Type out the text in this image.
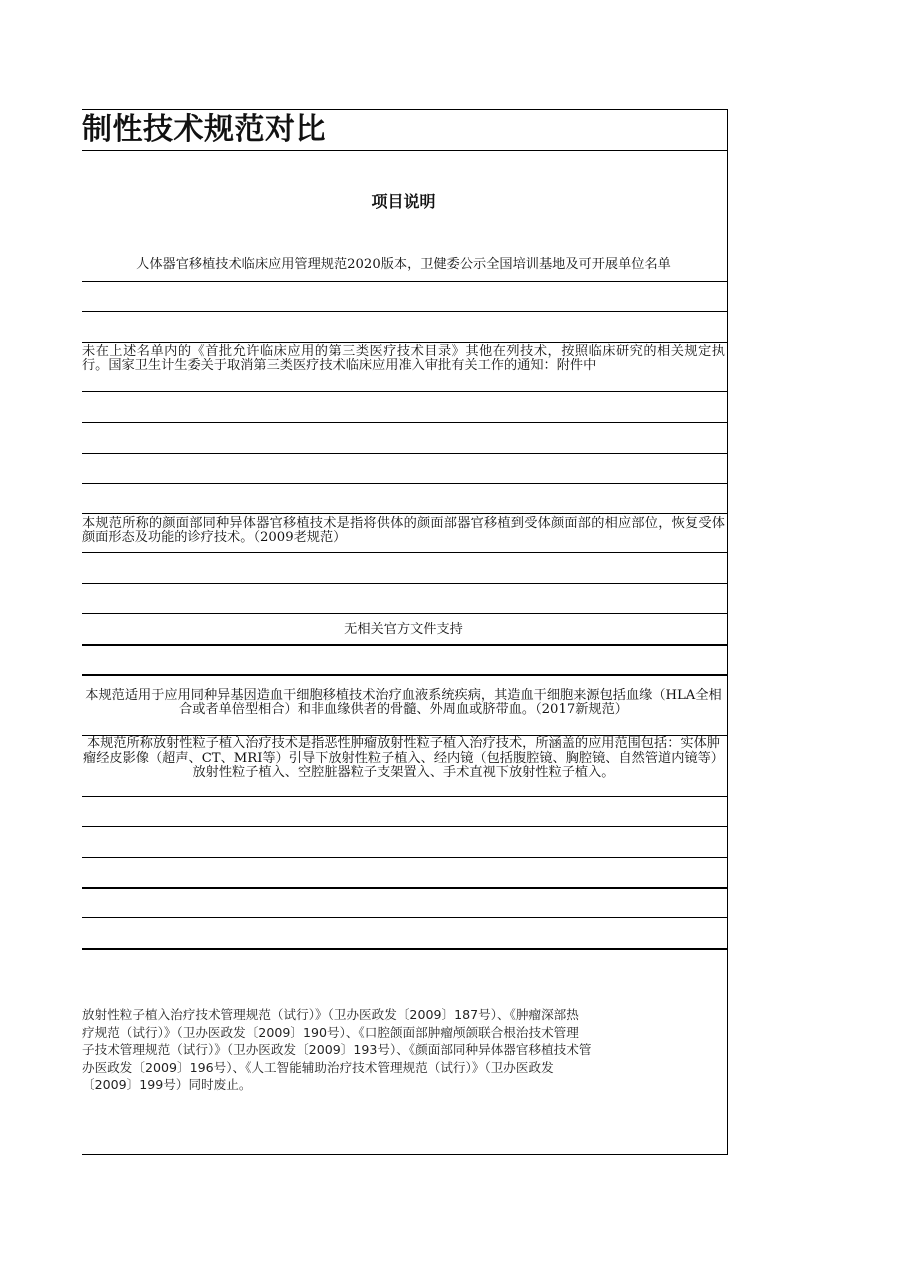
制性技术规范对比
项目说明
人体器官移植技术临床应用管理规范2020版本，卫健委公示全国培训基地及可开展单位名单
未在上述名单内的《首批允许临床应用的第三类医疗技术目录》其他在列技术，按照临床研究的相关规定执行。国家卫生计生委关于取消第三类医疗技术临床应用准入审批有关工作的通知：附件中
本规范所称的颜面部同种异体器官移植技术是指将供体的颜面部器官移植到受体颜面部的相应部位，恢复受体颜面形态及功能的诊疗技术。（2009老规范）
无相关官方文件支持
本规范适用于应用同种异基因造血干细胞移植技术治疗血液系统疾病，其造血干细胞来源包括血缘（HLA全相合或者单倍型相合）和非血缘供者的骨髓、外周血或脐带血。（2017新规范）
本规范所称放射性粒子植入治疗技术是指恶性肿瘤放射性粒子植入治疗技术，所涵盖的应用范围包括：实体肿瘤经皮影像（超声、CT、MRI等）引导下放射性粒子植入、经内镜（包括腹腔镜、胸腔镜、自然管道内镜等）放射性粒子植入、空腔脏器粒子支架置入、手术直视下放射性粒子植入。
放射性粒子植入治疗技术管理规范（试行）》（卫办医政发〔2009〕187号）、《肿瘤深部热
疗规范（试行）》（卫办医政发〔2009〕190号）、《口腔颌面部肿瘤颅颌联合根治技术管理
子技术管理规范（试行）》（卫办医政发〔2009〕193号）、《颜面部同种异体器官移植技术管
办医政发〔2009〕196号）、《人工智能辅助治疗技术管理规范（试行）》（卫办医政发
〔2009〕199号）同时废止。
